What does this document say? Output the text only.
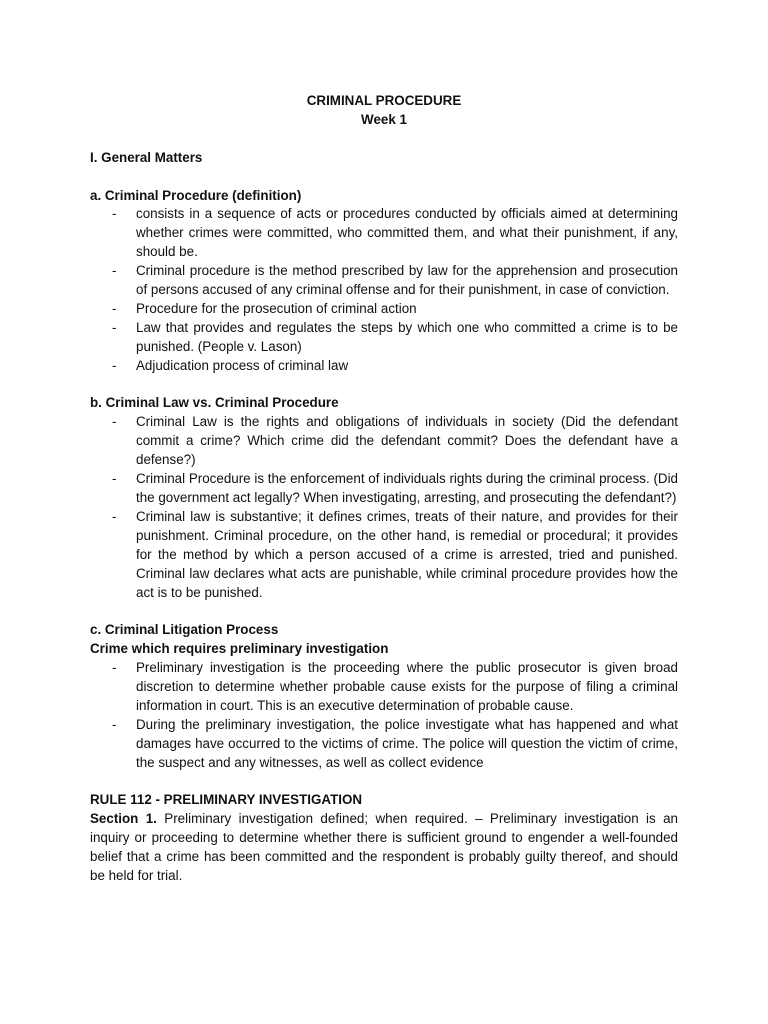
CRIMINAL PROCEDURE
Week 1
I. General Matters
a. Criminal Procedure (definition)
- consists in a sequence of acts or procedures conducted by officials aimed at determining whether crimes were committed, who committed them, and what their punishment, if any, should be.
- Criminal procedure is the method prescribed by law for the apprehension and prosecution of persons accused of any criminal offense and for their punishment, in case of conviction.
- Procedure for the prosecution of criminal action
- Law that provides and regulates the steps by which one who committed a crime is to be punished. (People v. Lason)
- Adjudication process of criminal law
b. Criminal Law vs. Criminal Procedure
- Criminal Law is the rights and obligations of individuals in society (Did the defendant commit a crime? Which crime did the defendant commit? Does the defendant have a defense?)
- Criminal Procedure is the enforcement of individuals rights during the criminal process. (Did the government act legally? When investigating, arresting, and prosecuting the defendant?)
- Criminal law is substantive; it defines crimes, treats of their nature, and provides for their punishment. Criminal procedure, on the other hand, is remedial or procedural; it provides for the method by which a person accused of a crime is arrested, tried and punished. Criminal law declares what acts are punishable, while criminal procedure provides how the act is to be punished.
c. Criminal Litigation Process
Crime which requires preliminary investigation
- Preliminary investigation is the proceeding where the public prosecutor is given broad discretion to determine whether probable cause exists for the purpose of filing a criminal information in court. This is an executive determination of probable cause.
- During the preliminary investigation, the police investigate what has happened and what damages have occurred to the victims of crime. The police will question the victim of crime, the suspect and any witnesses, as well as collect evidence
RULE 112 - PRELIMINARY INVESTIGATION

Section 1. Preliminary investigation defined; when required. – Preliminary investigation is an inquiry or proceeding to determine whether there is sufficient ground to engender a well-founded belief that a crime has been committed and the respondent is probably guilty thereof, and should be held for trial.
